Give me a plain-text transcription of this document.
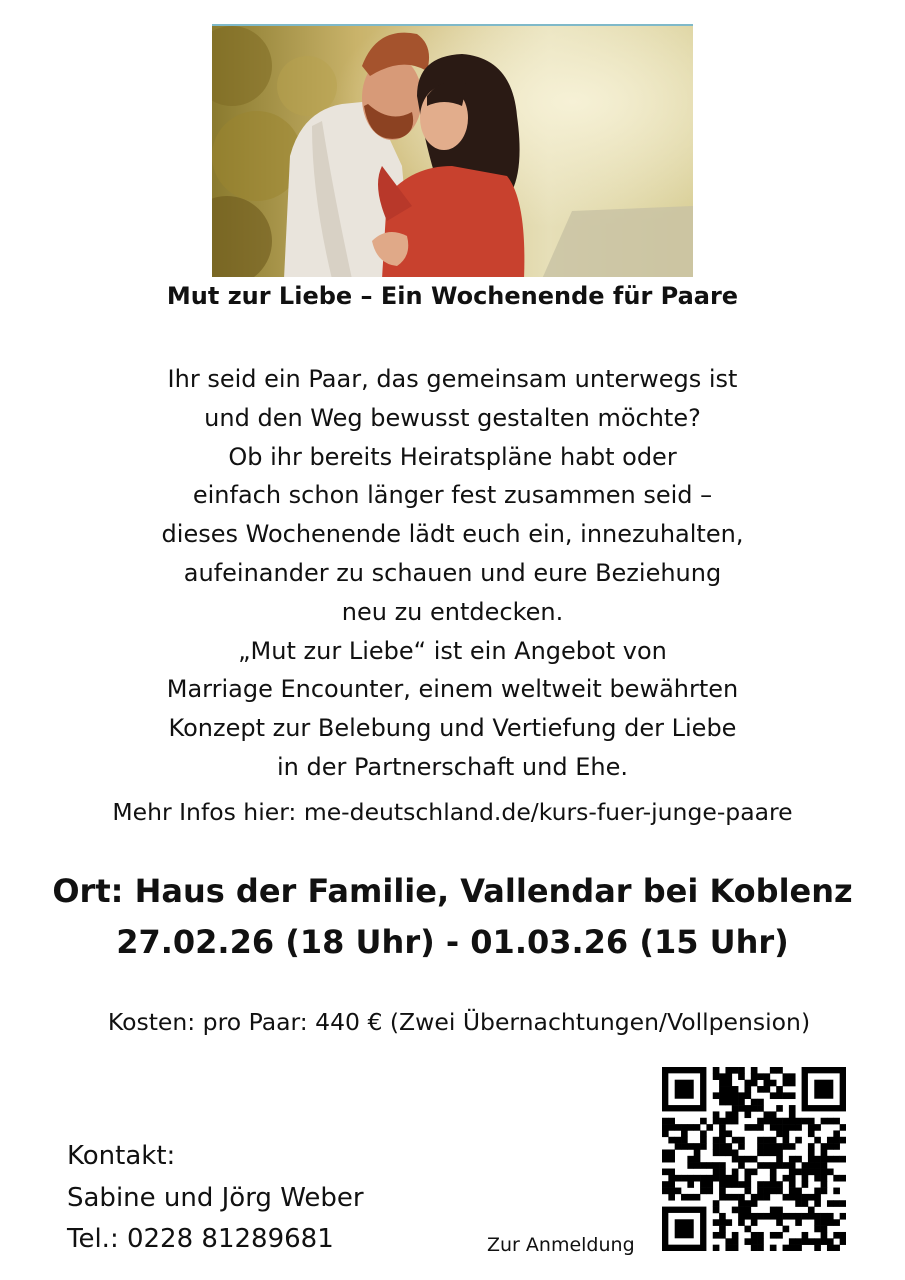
Mut zur Liebe – Ein Wochenende für Paare
Ihr seid ein Paar, das gemeinsam unterwegs ist
und den Weg bewusst gestalten möchte?
Ob ihr bereits Heiratspläne habt oder
einfach schon länger fest zusammen seid –
dieses Wochenende lädt euch ein, innezuhalten,
aufeinander zu schauen und eure Beziehung
neu zu entdecken.
„Mut zur Liebe“ ist ein Angebot von
Marriage Encounter, einem weltweit bewährten
Konzept zur Belebung und Vertiefung der Liebe
in der Partnerschaft und Ehe.
Mehr Infos hier: me-deutschland.de/kurs-fuer-junge-paare
Ort: Haus der Familie, Vallendar bei Koblenz
27.02.26 (18 Uhr) - 01.03.26 (15 Uhr)
Kosten: pro Paar: 440 € (Zwei Übernachtungen/Vollpension)
Kontakt:
Sabine und Jörg Weber
Tel.: 0228 81289681	Zur Anmeldung
